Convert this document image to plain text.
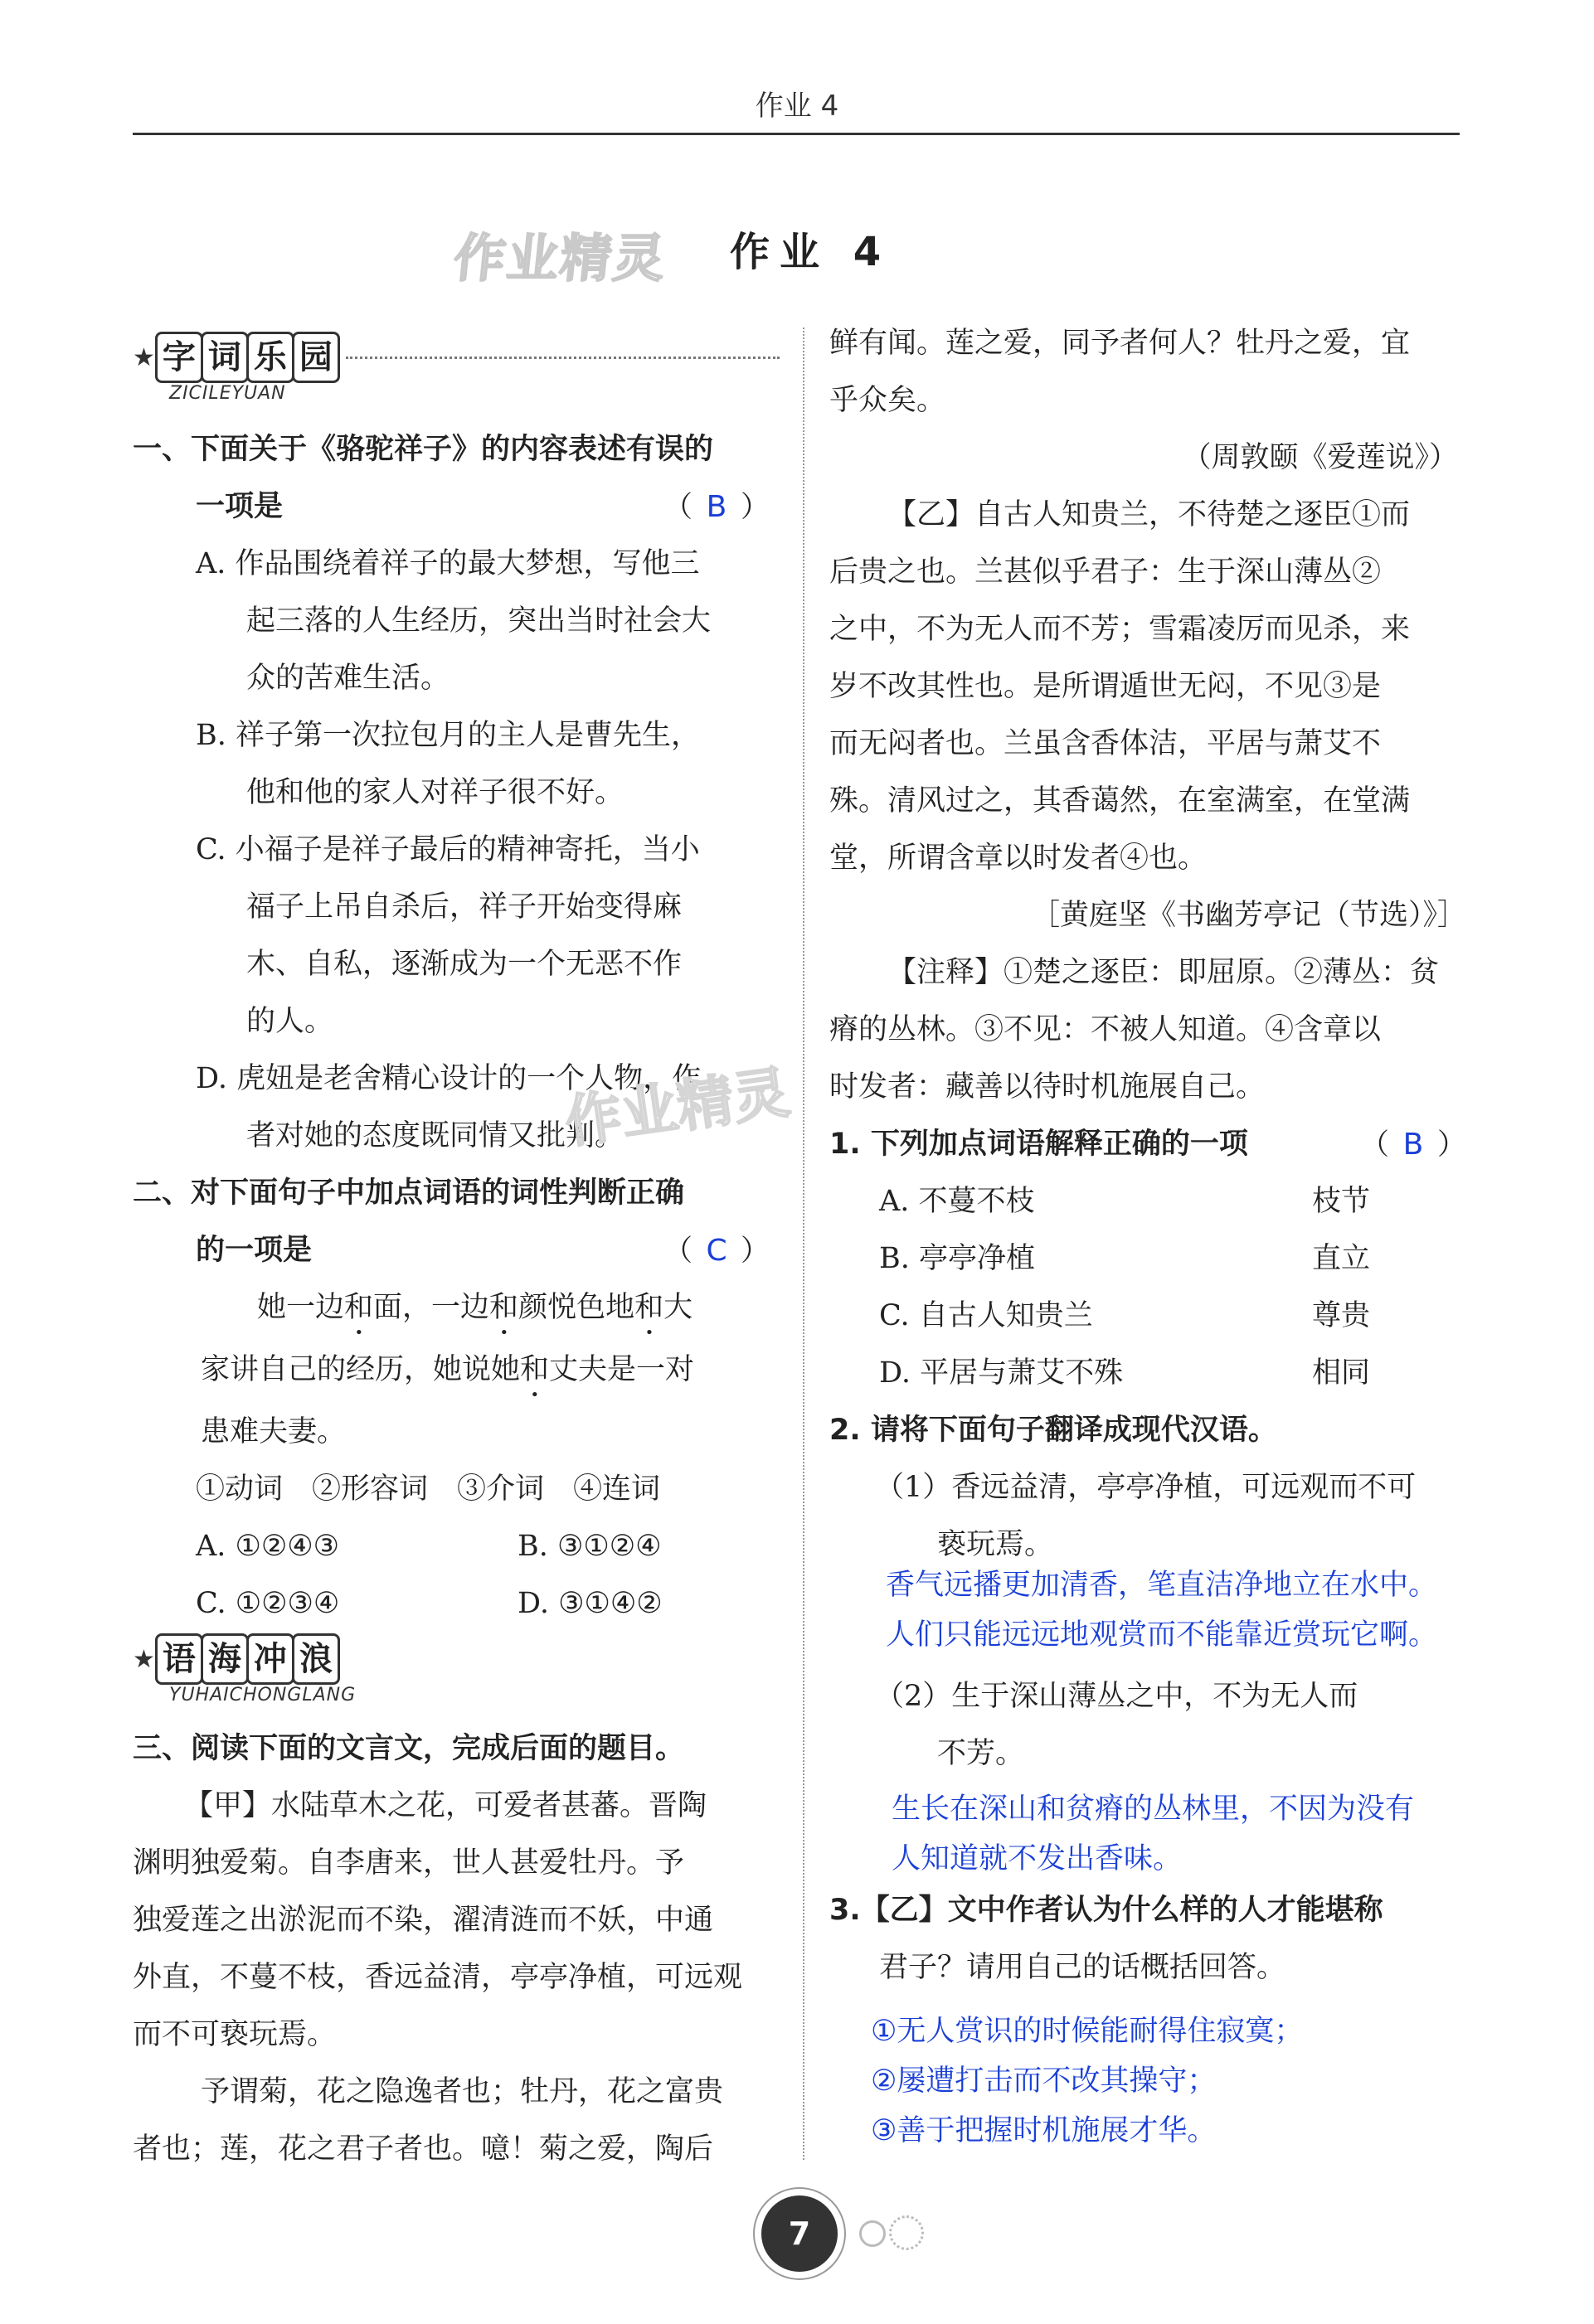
作业 4
作业精灵 作业 4
★ 字 词 乐 园
ZICILEYUAN
一、下面关于《骆驼祥子》的内容表述有误的
一项是	（ B ）
A. 作品围绕着祥子的最大梦想，写他三
起三落的人生经历，突出当时社会大
众的苦难生活。
B. 祥子第一次拉包月的主人是曹先生，
他和他的家人对祥子很不好。
C. 小福子是祥子最后的精神寄托，当小
福子上吊自杀后，祥子开始变得麻
木、自私，逐渐成为一个无恶不作
的人。
D. 虎妞是老舍精心设计的一个人物，作
者对她的态度既同情又批判。
作业精灵
二、对下面句子中加点词语的词性判断正确
的一项是	（ C ）
她一边和面，一边和颜悦色地和大
家讲自己的经历，她说她和丈夫是一对
患难夫妻。
①动词　②形容词　③介词　④连词
A. ①②④③	B. ③①②④
C. ①②③④	D. ③①④②
★ 语 海 冲 浪
YUHAICHONGLANG
三、阅读下面的文言文，完成后面的题目。
【甲】水陆草木之花，可爱者甚蕃。晋陶
渊明独爱菊。自李唐来，世人甚爱牡丹。予
独爱莲之出淤泥而不染，濯清涟而不妖，中通
外直，不蔓不枝，香远益清，亭亭净植，可远观
而不可亵玩焉。
予谓菊，花之隐逸者也；牡丹，花之富贵
者也；莲，花之君子者也。噫！菊之爱，陶后
鲜有闻。莲之爱，同予者何人？牡丹之爱，宜
乎众矣。
（周敦颐《爱莲说》）
【乙】自古人知贵兰，不待楚之逐臣①而
后贵之也。兰甚似乎君子：生于深山薄丛②
之中，不为无人而不芳；雪霜凌厉而见杀，来
岁不改其性也。是所谓遁世无闷，不见③是
而无闷者也。兰虽含香体洁，平居与萧艾不
殊。清风过之，其香蔼然，在室满室，在堂满
堂，所谓含章以时发者④也。
［黄庭坚《书幽芳亭记（节选）》］
【注释】①楚之逐臣：即屈原。②薄丛：贫
瘠的丛林。③不见：不被人知道。④含章以
时发者：藏善以待时机施展自己。
1. 下列加点词语解释正确的一项	（ B ）
A. 不蔓不枝	枝节
B. 亭亭净植	直立
C. 自古人知贵兰	尊贵
D. 平居与萧艾不殊	相同
2. 请将下面句子翻译成现代汉语。
（1）香远益清，亭亭净植，可远观而不可
亵玩焉。
香气远播更加清香，笔直洁净地立在水中。
人们只能远远地观赏而不能靠近赏玩它啊。
（2）生于深山薄丛之中，不为无人而
不芳。
生长在深山和贫瘠的丛林里，不因为没有
人知道就不发出香味。
3.【乙】文中作者认为什么样的人才能堪称
君子？请用自己的话概括回答。
①无人赏识的时候能耐得住寂寞；
②屡遭打击而不改其操守；
③善于把握时机施展才华。
7
